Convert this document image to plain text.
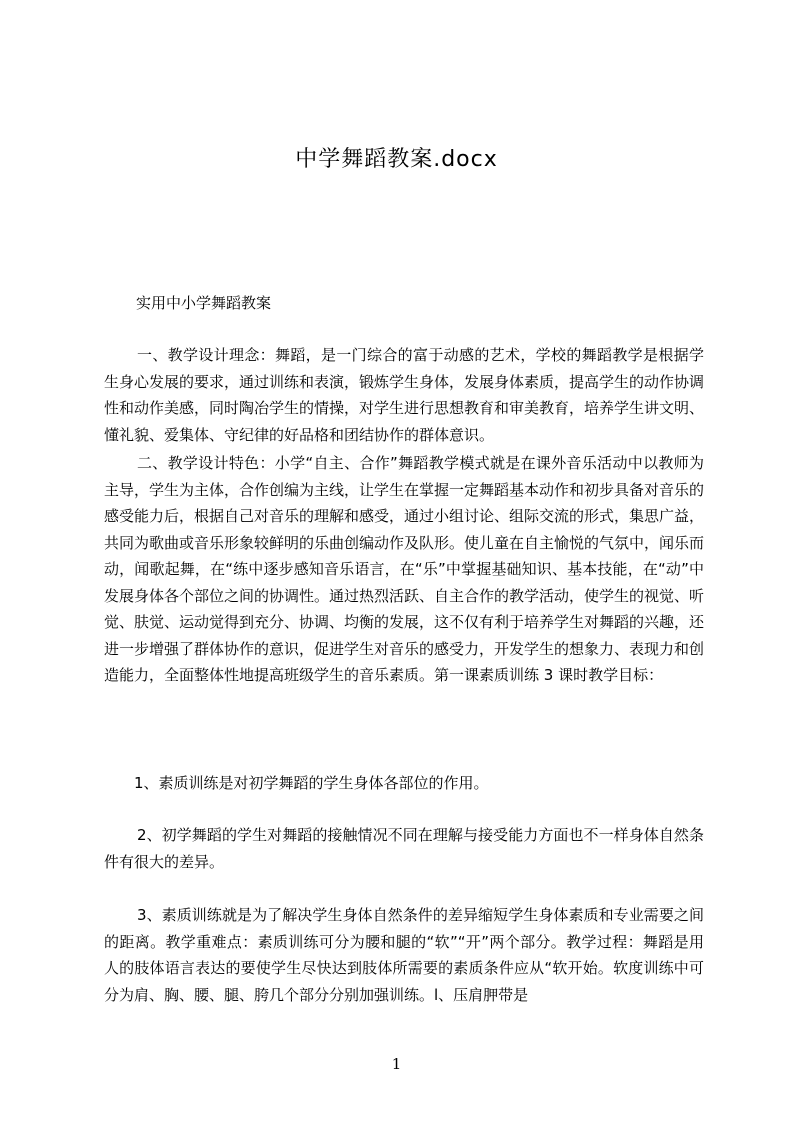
中学舞蹈教案.docx
实用中小学舞蹈教案
一、教学设计理念：舞蹈，是一门综合的富于动感的艺术，学校的舞蹈教学是根据学生身心发展的要求，通过训练和表演，锻炼学生身体，发展身体素质，提高学生的动作协调性和动作美感，同时陶冶学生的情操，对学生进行思想教育和审美教育，培养学生讲文明、懂礼貌、爱集体、守纪律的好品格和团结协作的群体意识。
二、教学设计特色：小学“自主、合作”舞蹈教学模式就是在课外音乐活动中以教师为主导，学生为主体，合作创编为主线，让学生在掌握一定舞蹈基本动作和初步具备对音乐的感受能力后，根据自己对音乐的理解和感受，通过小组讨论、组际交流的形式，集思广益，共同为歌曲或音乐形象较鲜明的乐曲创编动作及队形。使儿童在自主愉悦的气氛中，闻乐而动，闻歌起舞，在“练中逐步感知音乐语言，在“乐”中掌握基础知识、基本技能，在“动”中发展身体各个部位之间的协调性。通过热烈活跃、自主合作的教学活动，使学生的视觉、听觉、肤觉、运动觉得到充分、协调、均衡的发展，这不仅有利于培养学生对舞蹈的兴趣，还进一步增强了群体协作的意识，促进学生对音乐的感受力，开发学生的想象力、表现力和创造能力，全面整体性地提高班级学生的音乐素质。第一课素质训练 3 课时教学目标：
1、素质训练是对初学舞蹈的学生身体各部位的作用。
2、初学舞蹈的学生对舞蹈的接触情况不同在理解与接受能力方面也不一样身体自然条件有很大的差异。
3、素质训练就是为了解决学生身体自然条件的差异缩短学生身体素质和专业需要之间的距离。教学重难点：素质训练可分为腰和腿的“软”“开”两个部分。教学过程：舞蹈是用人的肢体语言表达的要使学生尽快达到肢体所需要的素质条件应从“软开始。软度训练中可分为肩、胸、腰、腿、胯几个部分分别加强训练。l、压肩胛带是
1
